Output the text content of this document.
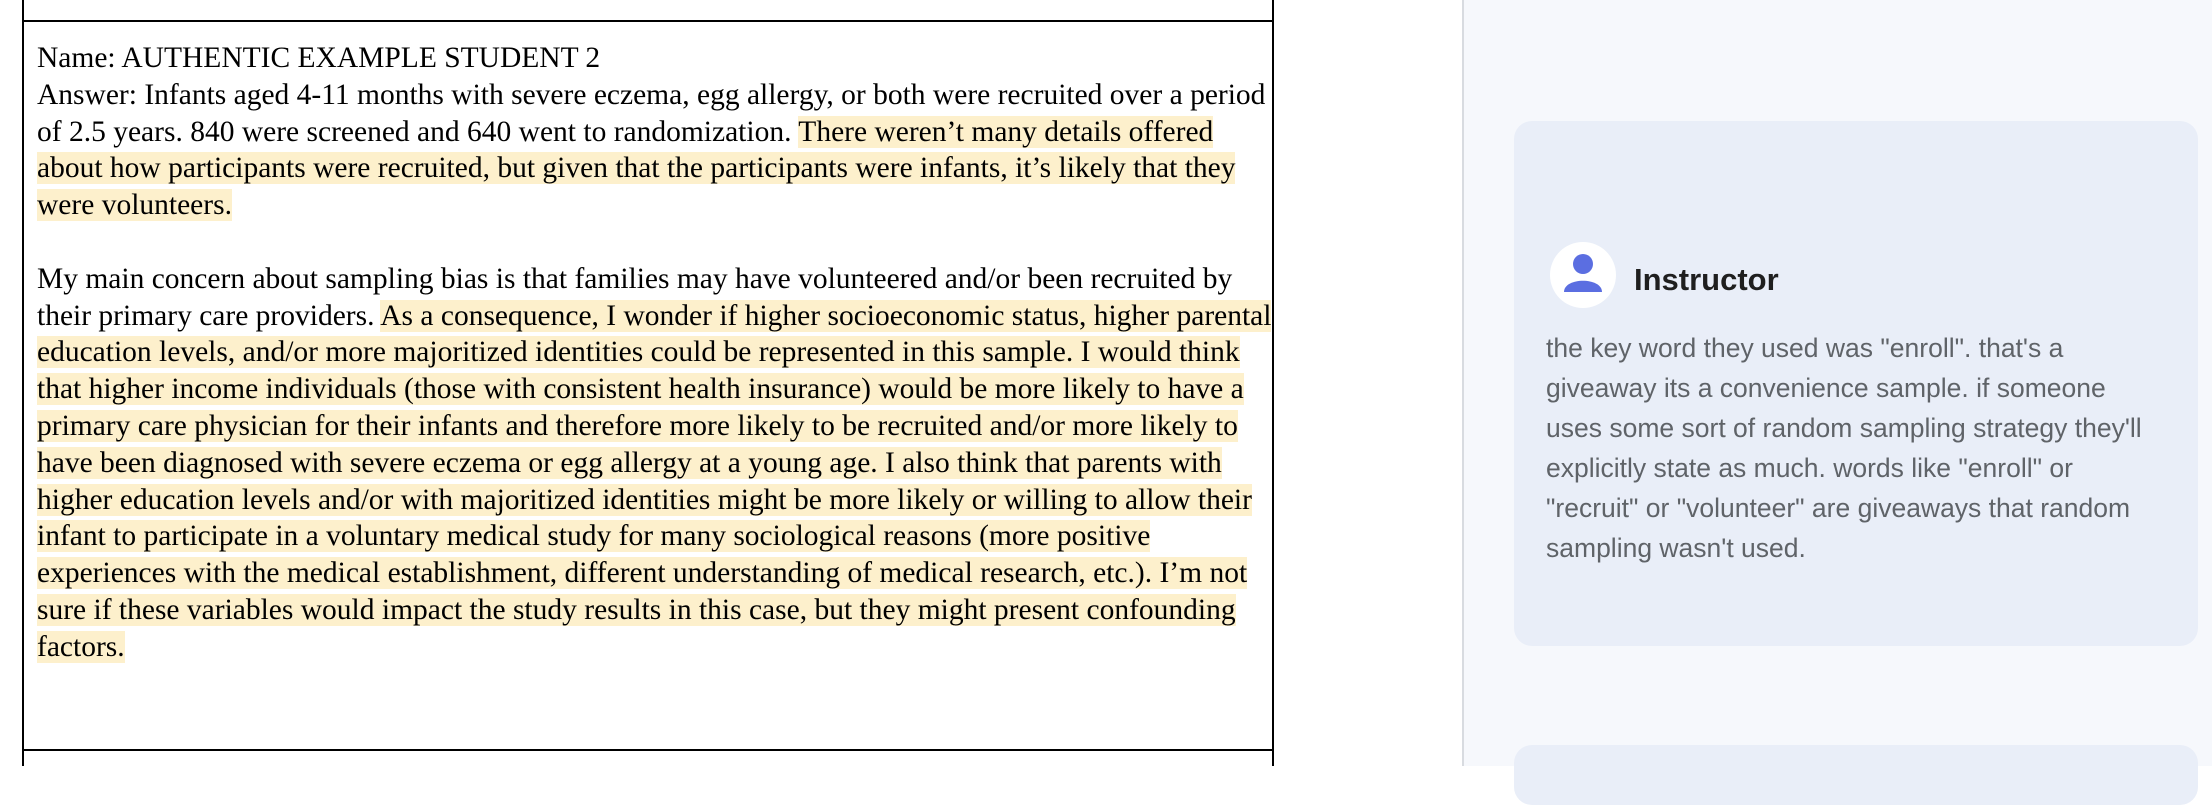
Name: AUTHENTIC EXAMPLE STUDENT 2

Answer: Infants aged 4-11 months with severe eczema, egg allergy, or both were recruited over a period of 2.5 years. 840 were screened and 640 went to randomization. There weren’t many details offered about how participants were recruited, but given that the participants were infants, it’s likely that they were volunteers.

My main concern about sampling bias is that families may have volunteered and/or been recruited by their primary care providers. As a consequence, I wonder if higher socioeconomic status, higher parental education levels, and/or more majoritized identities could be represented in this sample. I would think that higher income individuals (those with consistent health insurance) would be more likely to have a primary care physician for their infants and therefore more likely to be recruited and/or more likely to have been diagnosed with severe eczema or egg allergy at a young age. I also think that parents with higher education levels and/or with majoritized identities might be more likely or willing to allow their infant to participate in a voluntary medical study for many sociological reasons (more positive experiences with the medical establishment, different understanding of medical research, etc.). I’m not sure if these variables would impact the study results in this case, but they might present confounding factors.

Instructor
the key word they used was "enroll". that's a giveaway its a convenience sample. if someone uses some sort of random sampling strategy they'll explicitly state as much. words like "enroll" or "recruit" or "volunteer" are giveaways that random sampling wasn't used.
